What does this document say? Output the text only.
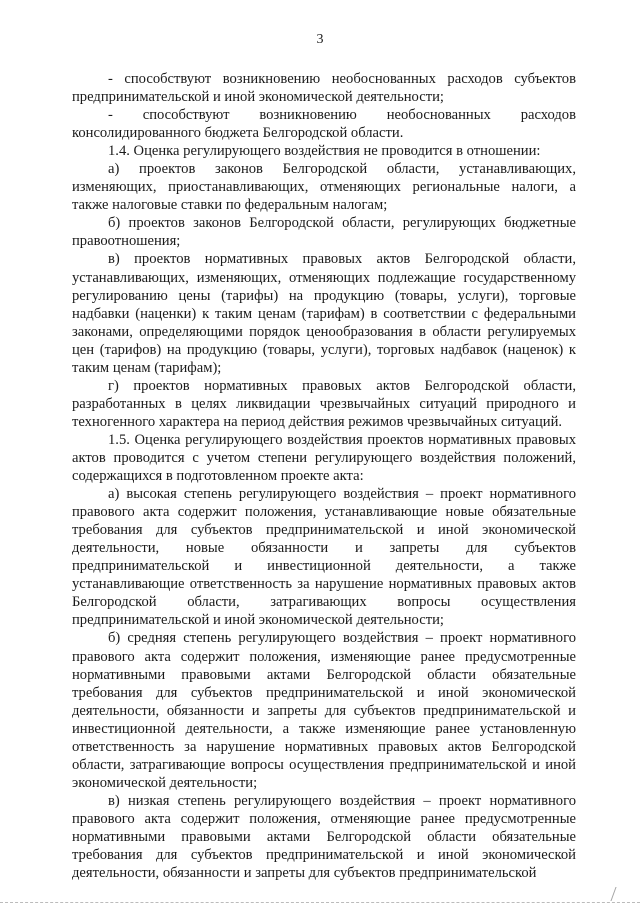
3

- способствуют возникновению необоснованных расходов субъектов предпринимательской и иной экономической деятельности;

- способствуют возникновению необоснованных расходов консолидированного бюджета Белгородской области.

1.4. Оценка регулирующего воздействия не проводится в отношении:

а) проектов законов Белгородской области, устанавливающих, изменяющих, приостанавливающих, отменяющих региональные налоги, а также налоговые ставки по федеральным налогам;

б) проектов законов Белгородской области, регулирующих бюджетные правоотношения;

в) проектов нормативных правовых актов Белгородской области, устанавливающих, изменяющих, отменяющих подлежащие государственному регулированию цены (тарифы) на продукцию (товары, услуги), торговые надбавки (наценки) к таким ценам (тарифам) в соответствии с федеральными законами, определяющими порядок ценообразования в области регулируемых цен (тарифов) на продукцию (товары, услуги), торговых надбавок (наценок) к таким ценам (тарифам);

г) проектов нормативных правовых актов Белгородской области, разработанных в целях ликвидации чрезвычайных ситуаций природного и техногенного характера на период действия режимов чрезвычайных ситуаций.

1.5. Оценка регулирующего воздействия проектов нормативных правовых актов проводится с учетом степени регулирующего воздействия положений, содержащихся в подготовленном проекте акта:

а) высокая степень регулирующего воздействия – проект нормативного правового акта содержит положения, устанавливающие новые обязательные требования для субъектов предпринимательской и иной экономической деятельности, новые обязанности и запреты для субъектов предпринимательской и инвестиционной деятельности, а также устанавливающие ответственность за нарушение нормативных правовых актов Белгородской области, затрагивающих вопросы осуществления предпринимательской и иной экономической деятельности;

б) средняя степень регулирующего воздействия – проект нормативного правового акта содержит положения, изменяющие ранее предусмотренные нормативными правовыми актами Белгородской области обязательные требования для субъектов предпринимательской и иной экономической деятельности, обязанности и запреты для субъектов предпринимательской и инвестиционной деятельности, а также изменяющие ранее установленную ответственность за нарушение нормативных правовых актов Белгородской области, затрагивающие вопросы осуществления предпринимательской и иной экономической деятельности;

в) низкая степень регулирующего воздействия – проект нормативного правового акта содержит положения, отменяющие ранее предусмотренные нормативными правовыми актами Белгородской области обязательные требования для субъектов предпринимательской и иной экономической деятельности, обязанности и запреты для субъектов предпринимательской
